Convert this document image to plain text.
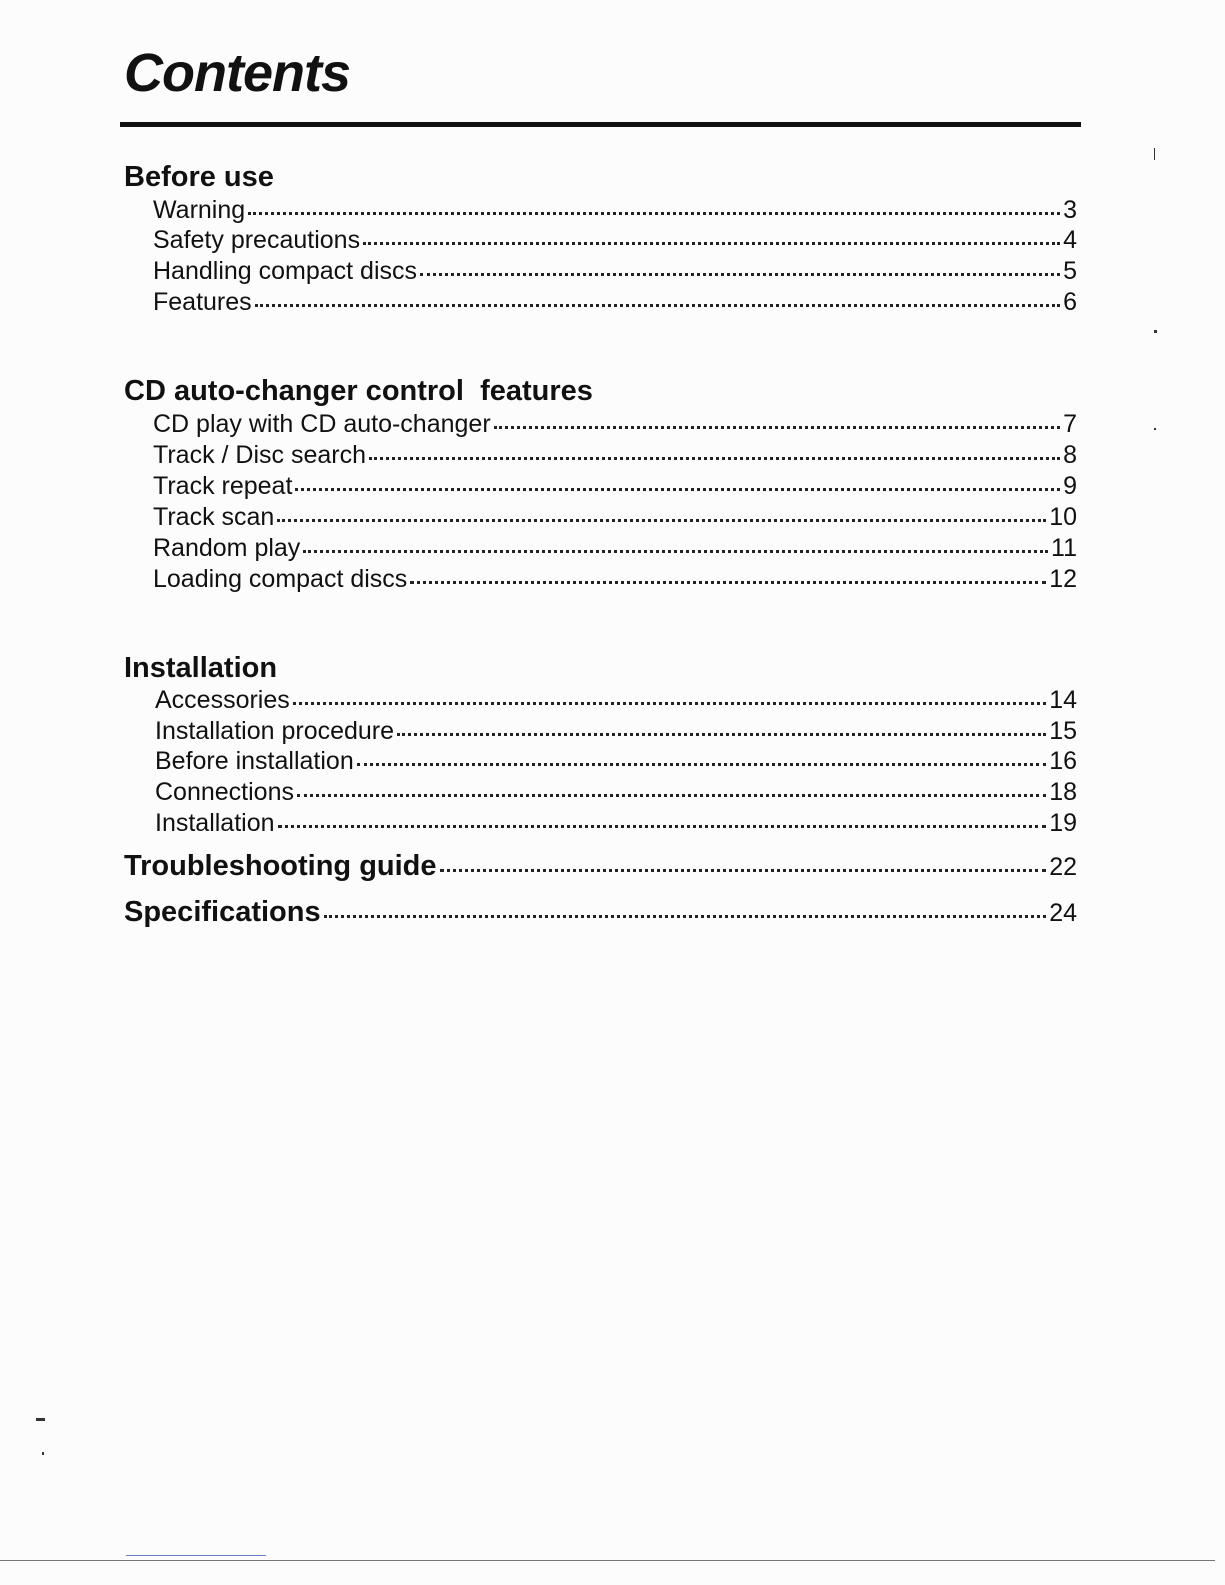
Contents
Before use
Warning	3
Safety precautions	4
Handling compact discs	5
Features	6
CD auto-changer control  features
CD play with CD auto-changer	7
Track / Disc search	8
Track repeat	9
Track scan	10
Random play	11
Loading compact discs	12
Installation
Accessories	14
Installation procedure	15
Before installation	16
Connections	18
Installation	19
Troubleshooting guide	22
Specifications	24
